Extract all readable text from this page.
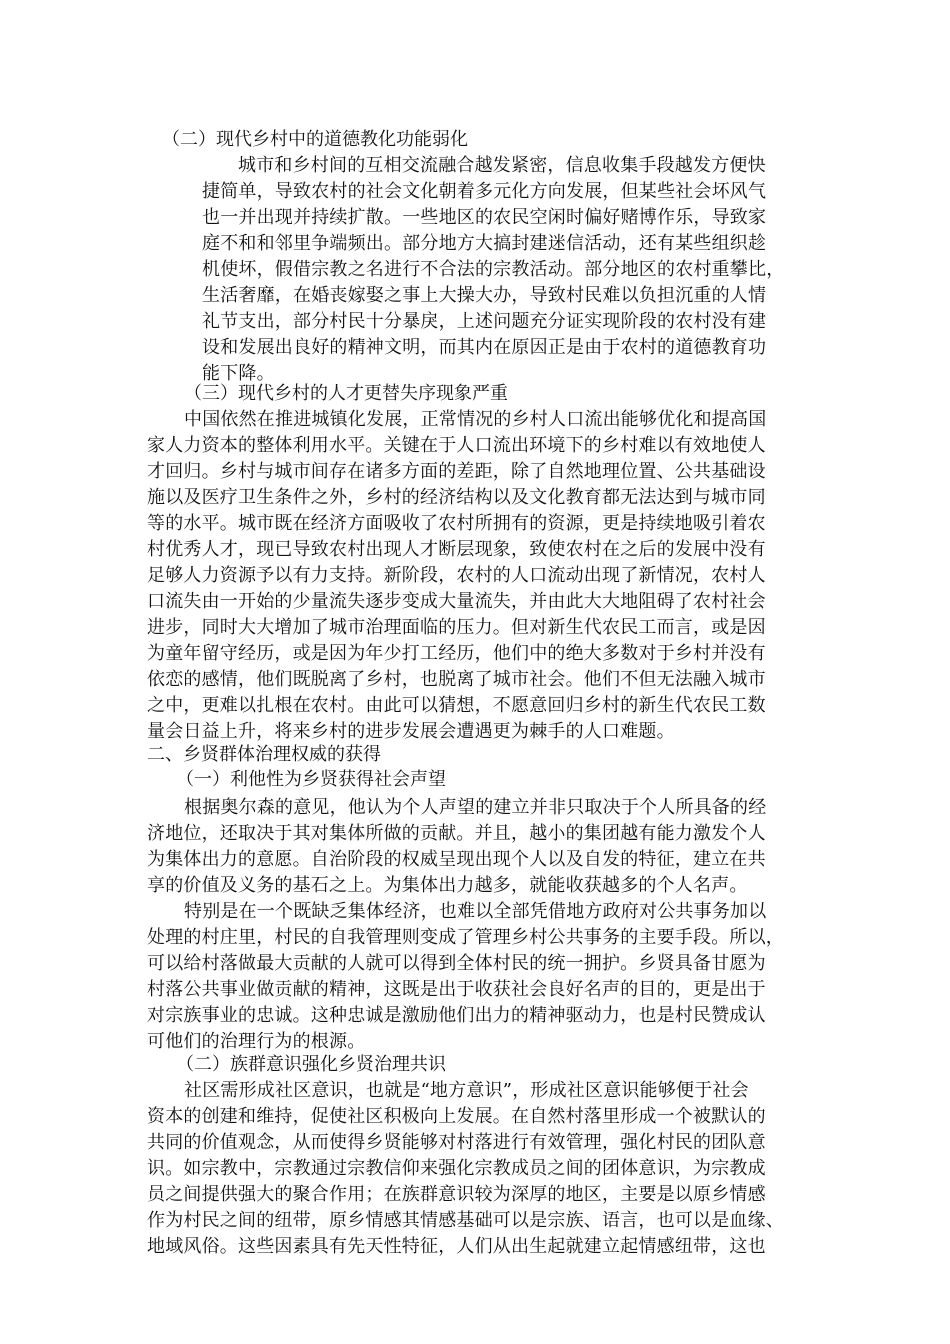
（二）现代乡村中的道德教化功能弱化
城市和乡村间的互相交流融合越发紧密，信息收集手段越发方便快
捷简单，导致农村的社会文化朝着多元化方向发展，但某些社会坏风气
也一并出现并持续扩散。一些地区的农民空闲时偏好赌博作乐，导致家
庭不和和邻里争端频出。部分地方大搞封建迷信活动，还有某些组织趁
机使坏，假借宗教之名进行不合法的宗教活动。部分地区的农村重攀比，
生活奢靡，在婚丧嫁娶之事上大操大办，导致村民难以负担沉重的人情
礼节支出，部分村民十分暴戾，上述问题充分证实现阶段的农村没有建
设和发展出良好的精神文明，而其内在原因正是由于农村的道德教育功
能下降。
（三）现代乡村的人才更替失序现象严重
中国依然在推进城镇化发展，正常情况的乡村人口流出能够优化和提高国
家人力资本的整体利用水平。关键在于人口流出环境下的乡村难以有效地使人
才回归。乡村与城市间存在诸多方面的差距，除了自然地理位置、公共基础设
施以及医疗卫生条件之外，乡村的经济结构以及文化教育都无法达到与城市同
等的水平。城市既在经济方面吸收了农村所拥有的资源，更是持续地吸引着农
村优秀人才，现已导致农村出现人才断层现象，致使农村在之后的发展中没有
足够人力资源予以有力支持。新阶段，农村的人口流动出现了新情况，农村人
口流失由一开始的少量流失逐步变成大量流失，并由此大大地阻碍了农村社会
进步，同时大大增加了城市治理面临的压力。但对新生代农民工而言，或是因
为童年留守经历，或是因为年少打工经历，他们中的绝大多数对于乡村并没有
依恋的感情，他们既脱离了乡村，也脱离了城市社会。他们不但无法融入城市
之中，更难以扎根在农村。由此可以猜想，不愿意回归乡村的新生代农民工数
量会日益上升，将来乡村的进步发展会遭遇更为棘手的人口难题。
二、乡贤群体治理权威的获得
（一）利他性为乡贤获得社会声望
根据奥尔森的意见，他认为个人声望的建立并非只取决于个人所具备的经
济地位，还取决于其对集体所做的贡献。并且，越小的集团越有能力激发个人
为集体出力的意愿。自治阶段的权威呈现出现个人以及自发的特征，建立在共
享的价值及义务的基石之上。为集体出力越多，就能收获越多的个人名声。
特别是在一个既缺乏集体经济，也难以全部凭借地方政府对公共事务加以
处理的村庄里，村民的自我管理则变成了管理乡村公共事务的主要手段。所以，
可以给村落做最大贡献的人就可以得到全体村民的统一拥护。乡贤具备甘愿为
村落公共事业做贡献的精神，这既是出于收获社会良好名声的目的，更是出于
对宗族事业的忠诚。这种忠诚是激励他们出力的精神驱动力，也是村民赞成认
可他们的治理行为的根源。
（二）族群意识强化乡贤治理共识
社区需形成社区意识，也就是“地方意识”，形成社区意识能够便于社会
资本的创建和维持，促使社区积极向上发展。在自然村落里形成一个被默认的
共同的价值观念，从而使得乡贤能够对村落进行有效管理，强化村民的团队意
识。如宗教中，宗教通过宗教信仰来强化宗教成员之间的团体意识，为宗教成
员之间提供强大的聚合作用；在族群意识较为深厚的地区，主要是以原乡情感
作为村民之间的纽带，原乡情感其情感基础可以是宗族、语言，也可以是血缘、
地域风俗。这些因素具有先天性特征，人们从出生起就建立起情感纽带，这也
